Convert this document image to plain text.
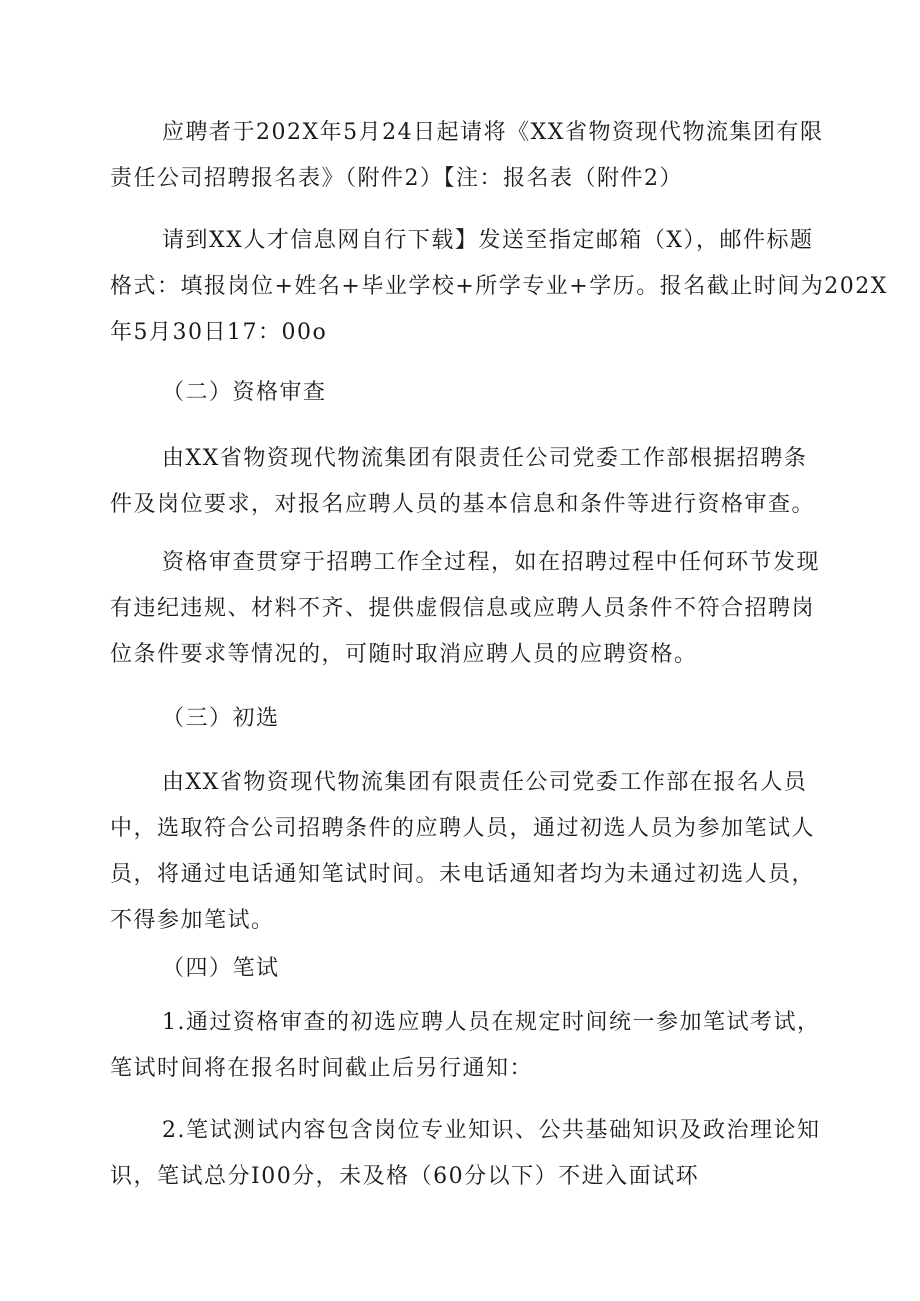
应聘者于202X年5月24日起请将《XX省物资现代物流集团有限
责任公司招聘报名表》（附件2）【注：报名表（附件2）
请到XX人才信息网自行下载】发送至指定邮箱（X），邮件标题
格式：填报岗位+姓名+毕业学校+所学专业+学历。报名截止时间为202X
年5月30日17：00o
（二）资格审查
由XX省物资现代物流集团有限责任公司党委工作部根据招聘条
件及岗位要求，对报名应聘人员的基本信息和条件等进行资格审查。
资格审查贯穿于招聘工作全过程，如在招聘过程中任何环节发现
有违纪违规、材料不齐、提供虚假信息或应聘人员条件不符合招聘岗
位条件要求等情况的，可随时取消应聘人员的应聘资格。
（三）初选
由XX省物资现代物流集团有限责任公司党委工作部在报名人员
中，选取符合公司招聘条件的应聘人员，通过初选人员为参加笔试人
员，将通过电话通知笔试时间。未电话通知者均为未通过初选人员，
不得参加笔试。
（四）笔试
1.通过资格审查的初选应聘人员在规定时间统一参加笔试考试，
笔试时间将在报名时间截止后另行通知：
2.笔试测试内容包含岗位专业知识、公共基础知识及政治理论知
识，笔试总分I00分，未及格（60分以下）不进入面试环
